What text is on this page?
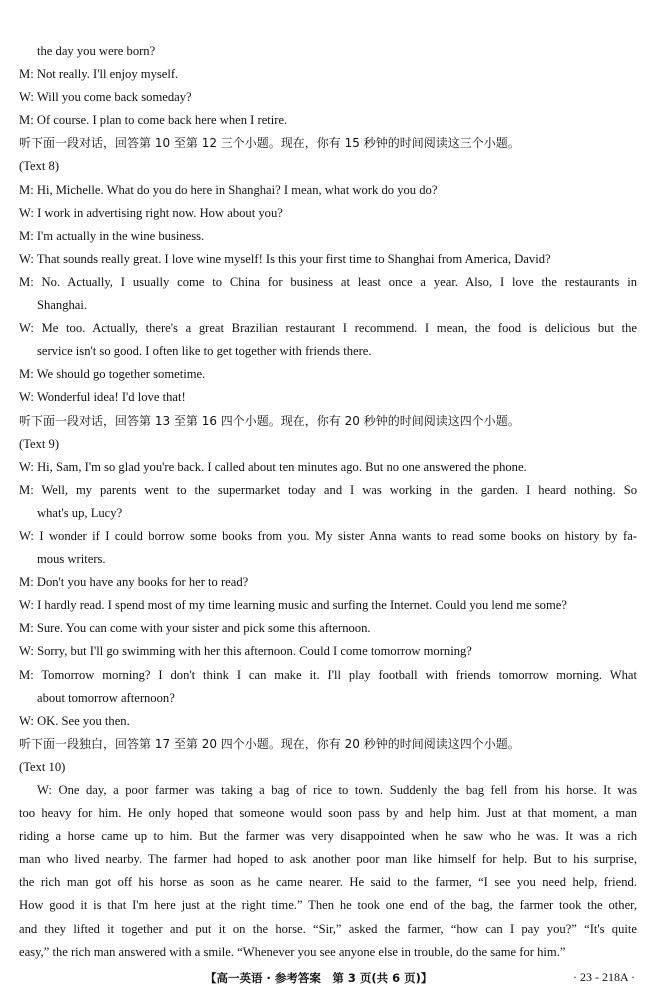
the day you were born?
M: Not really. I'll enjoy myself.
W: Will you come back someday?
M: Of course. I plan to come back here when I retire.
听下面一段对话，回答第 10 至第 12 三个小题。现在，你有 15 秒钟的时间阅读这三个小题。
(Text 8)
M: Hi, Michelle. What do you do here in Shanghai? I mean, what work do you do?
W: I work in advertising right now. How about you?
M: I'm actually in the wine business.
W: That sounds really great. I love wine myself! Is this your first time to Shanghai from America, David?
M: No. Actually, I usually come to China for business at least once a year. Also, I love the restaurants in
Shanghai.
W: Me too. Actually, there's a great Brazilian restaurant I recommend. I mean, the food is delicious but the
service isn't so good. I often like to get together with friends there.
M: We should go together sometime.
W: Wonderful idea! I'd love that!
听下面一段对话，回答第 13 至第 16 四个小题。现在，你有 20 秒钟的时间阅读这四个小题。
(Text 9)
W: Hi, Sam, I'm so glad you're back. I called about ten minutes ago. But no one answered the phone.
M: Well, my parents went to the supermarket today and I was working in the garden. I heard nothing. So
what's up, Lucy?
W: I wonder if I could borrow some books from you. My sister Anna wants to read some books on history by fa-
mous writers.
M: Don't you have any books for her to read?
W: I hardly read. I spend most of my time learning music and surfing the Internet. Could you lend me some?
M: Sure. You can come with your sister and pick some this afternoon.
W: Sorry, but I'll go swimming with her this afternoon. Could I come tomorrow morning?
M: Tomorrow morning? I don't think I can make it. I'll play football with friends tomorrow morning. What
about tomorrow afternoon?
W: OK. See you then.
听下面一段独白，回答第 17 至第 20 四个小题。现在，你有 20 秒钟的时间阅读这四个小题。
(Text 10)
W: One day, a poor farmer was taking a bag of rice to town. Suddenly the bag fell from his horse. It was
too heavy for him. He only hoped that someone would soon pass by and help him. Just at that moment, a man
riding a horse came up to him. But the farmer was very disappointed when he saw who he was. It was a rich
man who lived nearby. The farmer had hoped to ask another poor man like himself for help. But to his surprise,
the rich man got off his horse as soon as he came nearer. He said to the farmer, “I see you need help, friend.
How good it is that I'm here just at the right time.” Then he took one end of the bag, the farmer took the other,
and they lifted it together and put it on the horse. “Sir,” asked the farmer, “how can I pay you?” “It's quite
easy,” the rich man answered with a smile. “Whenever you see anyone else in trouble, do the same for him.”
【高一英语 · 参考答案　第 3 页(共 6 页)】	· 23 - 218A ·
